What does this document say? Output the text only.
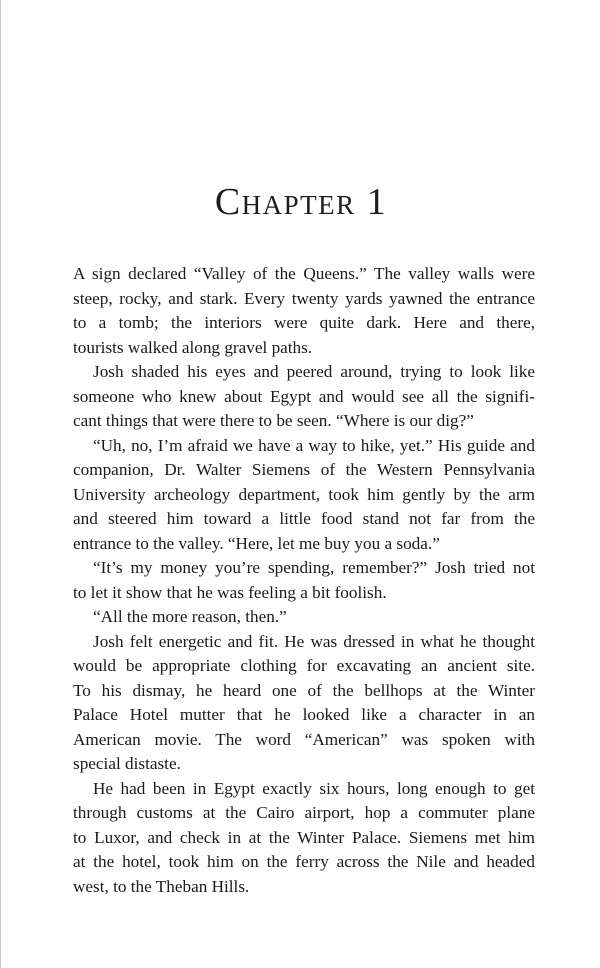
Chapter 1
A sign declared “Valley of the Queens.” The valley walls were
steep, rocky, and stark. Every twenty yards yawned the entrance
to a tomb; the interiors were quite dark. Here and there,
tourists walked along gravel paths.
Josh shaded his eyes and peered around, trying to look like
someone who knew about Egypt and would see all the signifi-
cant things that were there to be seen. “Where is our dig?”
“Uh, no, I’m afraid we have a way to hike, yet.” His guide and
companion, Dr. Walter Siemens of the Western Pennsylvania
University archeology department, took him gently by the arm
and steered him toward a little food stand not far from the
entrance to the valley. “Here, let me buy you a soda.”
“It’s my money you’re spending, remember?” Josh tried not
to let it show that he was feeling a bit foolish.
“All the more reason, then.”
Josh felt energetic and fit. He was dressed in what he thought
would be appropriate clothing for excavating an ancient site.
To his dismay, he heard one of the bellhops at the Winter
Palace Hotel mutter that he looked like a character in an
American movie. The word “American” was spoken with
special distaste.
He had been in Egypt exactly six hours, long enough to get
through customs at the Cairo airport, hop a commuter plane
to Luxor, and check in at the Winter Palace. Siemens met him
at the hotel, took him on the ferry across the Nile and headed
west, to the Theban Hills.
